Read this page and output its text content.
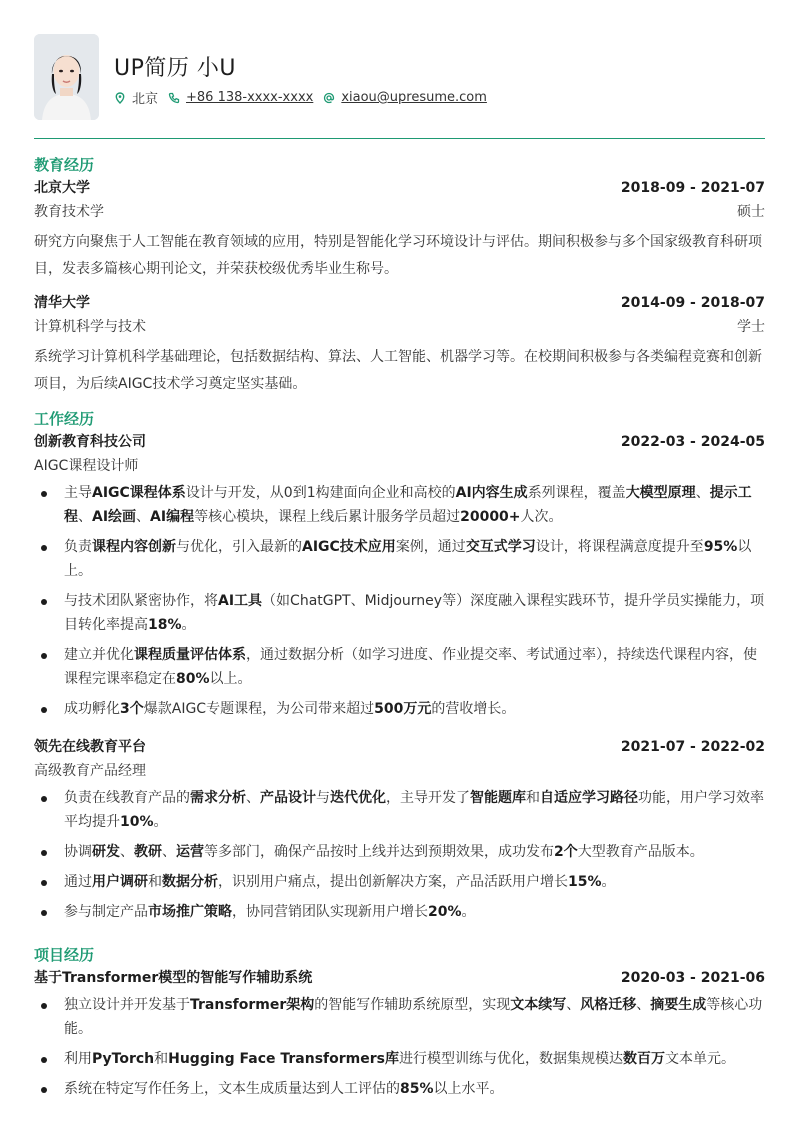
UP简历 小U
北京 +86 138-xxxx-xxxx xiaou@upresume.com
教育经历
北京大学	2018-09 - 2021-07
教育技术学	硕士
研究方向聚焦于人工智能在教育领域的应用，特别是智能化学习环境设计与评估。期间积极参与多个国家级教育科研项目，发表多篇核心期刊论文，并荣获校级优秀毕业生称号。
清华大学	2014-09 - 2018-07
计算机科学与技术	学士
系统学习计算机科学基础理论，包括数据结构、算法、人工智能、机器学习等。在校期间积极参与各类编程竞赛和创新项目，为后续AIGC技术学习奠定坚实基础。
工作经历
创新教育科技公司	2022-03 - 2024-05
AIGC课程设计师
主导AIGC课程体系设计与开发，从0到1构建面向企业和高校的AI内容生成系列课程，覆盖大模型原理、提示工程、AI绘画、AI编程等核心模块，课程上线后累计服务学员超过20000+人次。
负责课程内容创新与优化，引入最新的AIGC技术应用案例，通过交互式学习设计，将课程满意度提升至95%以上。
与技术团队紧密协作，将AI工具（如ChatGPT、Midjourney等）深度融入课程实践环节，提升学员实操能力，项目转化率提高18%。
建立并优化课程质量评估体系，通过数据分析（如学习进度、作业提交率、考试通过率），持续迭代课程内容，使课程完课率稳定在80%以上。
成功孵化3个爆款AIGC专题课程，为公司带来超过500万元的营收增长。
领先在线教育平台	2021-07 - 2022-02
高级教育产品经理
负责在线教育产品的需求分析、产品设计与迭代优化，主导开发了智能题库和自适应学习路径功能，用户学习效率平均提升10%。
协调研发、教研、运营等多部门，确保产品按时上线并达到预期效果，成功发布2个大型教育产品版本。
通过用户调研和数据分析，识别用户痛点，提出创新解决方案，产品活跃用户增长15%。
参与制定产品市场推广策略，协同营销团队实现新用户增长20%。
项目经历
基于Transformer模型的智能写作辅助系统	2020-03 - 2021-06
独立设计并开发基于Transformer架构的智能写作辅助系统原型，实现文本续写、风格迁移、摘要生成等核心功能。
利用PyTorch和Hugging Face Transformers库进行模型训练与优化，数据集规模达数百万文本单元。
系统在特定写作任务上，文本生成质量达到人工评估的85%以上水平。
